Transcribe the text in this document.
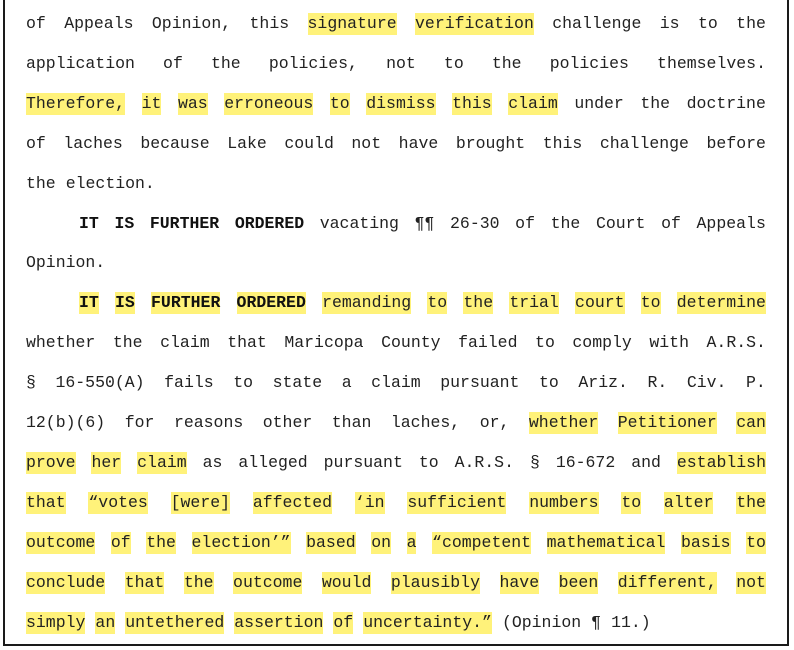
of Appeals Opinion, this signature verification challenge is to the
application of the policies, not to the policies themselves.
Therefore, it was erroneous to dismiss this claim under the doctrine
of laches because Lake could not have brought this challenge before
the election.
IT IS FURTHER ORDERED vacating ¶¶ 26-30 of the Court of Appeals
Opinion.
IT IS FURTHER ORDERED remanding to the trial court to determine
whether the claim that Maricopa County failed to comply with A.R.S.
§ 16-550(A) fails to state a claim pursuant to Ariz. R. Civ. P.
12(b)(6) for reasons other than laches, or, whether Petitioner can
prove her claim as alleged pursuant to A.R.S. § 16-672 and establish
that “votes [were] affected ‘in sufficient numbers to alter the
outcome of the election’” based on a “competent mathematical basis to
conclude that the outcome would plausibly have been different, not
simply an untethered assertion of uncertainty.” (Opinion ¶ 11.)
